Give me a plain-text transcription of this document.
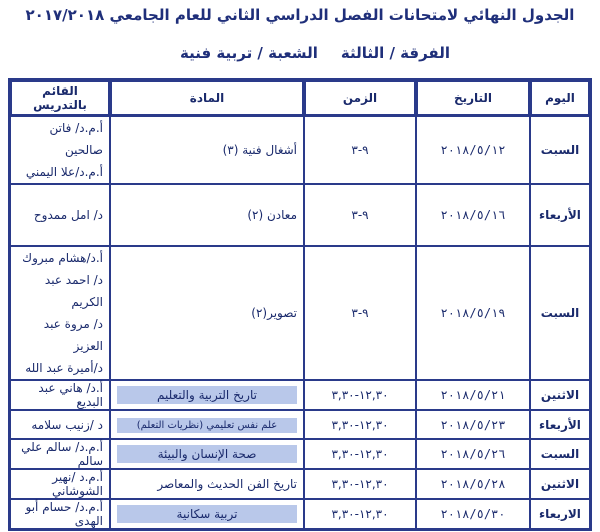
الجدول النهائي لامتحانات الفصل الدراسي الثاني للعام الجامعي ٢٠١٧/٢٠١٨
الفرقة / الثالثة
الشعبة / تربية فنية
اليوم	التاريخ	الزمن	المادة	القائم بالتدريس
السبت	٢٠١٨/٥/١٢	٩-٣	أشغال فنية (٣)	أ.م.د/ فاتن صالحين
أ.م.د/علا اليمني

الأربعاء	٢٠١٨/٥/١٦	٩-٣	معادن (٢)	د/ امل ممدوح

السبت	٢٠١٨/٥/١٩	٩-٣	تصوير(٢)	أ.د/هشام مبروك
د/ احمد عبد الكريم
د/ مروة عبد العزيز
د/أميرة عبد الله

الاثنين	٢٠١٨/٥/٢١	١٢,٣٠-٣,٣٠	تاريخ التربية والتعليم	أ.د/ هاني عبد البديع
الأربعاء	٢٠١٨/٥/٢٣	١٢,٣٠-٣,٣٠	علم نفس تعليمي (نظريات التعلم)	د /زنيب سلامه
السبت	٢٠١٨/٥/٢٦	١٢,٣٠-٣,٣٠	صحة الإنسان والبيئة	أ.م.د/ سالم علي سالم
الاثنين	٢٠١٨/٥/٢٨	١٢,٣٠-٣,٣٠	تاريخ الفن الحديث والمعاصر	أ.م.د /نهير الشوشاني
الاربعاء	٢٠١٨/٥/٣٠	١٢,٣٠-٣,٣٠	تربية سكانية	أ.م.د/ حسام أبو الهدى
